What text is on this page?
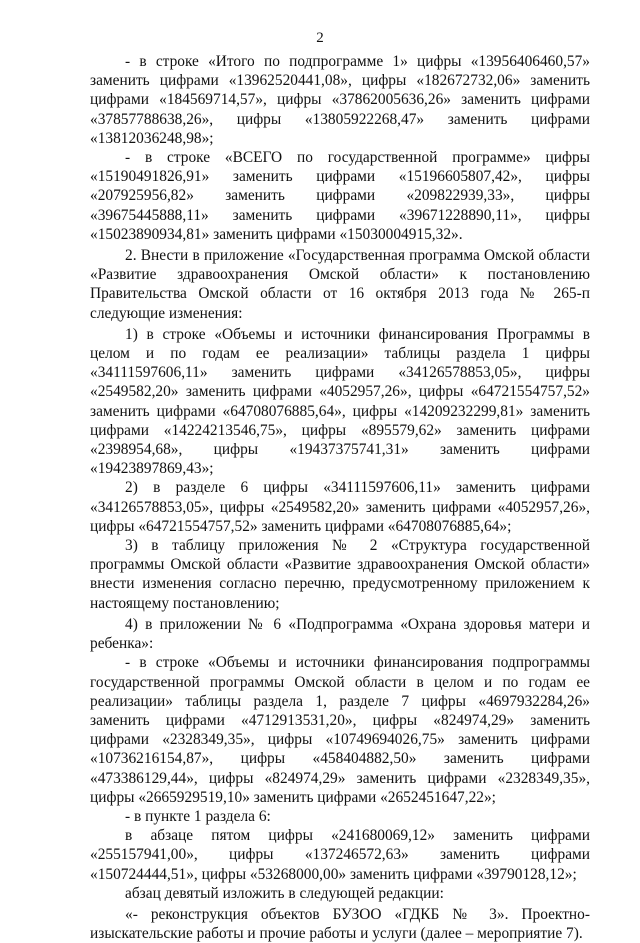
2

- в строке «Итого по подпрограмме 1» цифры «13956406460,57» заменить цифрами «13962520441,08», цифры «182672732,06» заменить цифрами «184569714,57», цифры «37862005636,26» заменить цифрами «37857788638,26», цифры «13805922268,47» заменить цифрами «13812036248,98»;

- в строке «ВСЕГО по государственной программе» цифры «15190491826,91» заменить цифрами «15196605807,42», цифры «207925956,82» заменить цифрами «209822939,33», цифры «39675445888,11» заменить цифрами «39671228890,11», цифры «15023890934,81» заменить цифрами «15030004915,32».

2. Внести в приложение «Государственная программа Омской области «Развитие здравоохранения Омской области» к постановлению Правительства Омской области от 16 октября 2013 года № 265-п следующие изменения:

1) в строке «Объемы и источники финансирования Программы в целом и по годам ее реализации» таблицы раздела 1 цифры «34111597606,11» заменить цифрами «34126578853,05», цифры «2549582,20» заменить цифрами «4052957,26», цифры «64721554757,52» заменить цифрами «64708076885,64», цифры «14209232299,81» заменить цифрами «14224213546,75», цифры «895579,62» заменить цифрами «2398954,68», цифры «19437375741,31» заменить цифрами «19423897869,43»;

2) в разделе 6 цифры «34111597606,11» заменить цифрами «34126578853,05», цифры «2549582,20» заменить цифрами «4052957,26», цифры «64721554757,52» заменить цифрами «64708076885,64»;

3) в таблицу приложения № 2 «Структура государственной программы Омской области «Развитие здравоохранения Омской области» внести изменения согласно перечню, предусмотренному приложением к настоящему постановлению;

4) в приложении № 6 «Подпрограмма «Охрана здоровья матери и ребенка»:

- в строке «Объемы и источники финансирования подпрограммы государственной программы Омской области в целом и по годам ее реализации» таблицы раздела 1, разделе 7 цифры «4697932284,26» заменить цифрами «4712913531,20», цифры «824974,29» заменить цифрами «2328349,35», цифры «10749694026,75» заменить цифрами «10736216154,87», цифры «458404882,50» заменить цифрами «473386129,44», цифры «824974,29» заменить цифрами «2328349,35», цифры «2665929519,10» заменить цифрами «2652451647,22»;

- в пункте 1 раздела 6:

в абзаце пятом цифры «241680069,12» заменить цифрами «255157941,00», цифры «137246572,63» заменить цифрами «150724444,51», цифры «53268000,00» заменить цифрами «39790128,12»;

абзац девятый изложить в следующей редакции:

«- реконструкция объектов БУЗОО «ГДКБ № 3». Проектно-изыскательские работы и прочие работы и услуги (далее – мероприятие 7).
